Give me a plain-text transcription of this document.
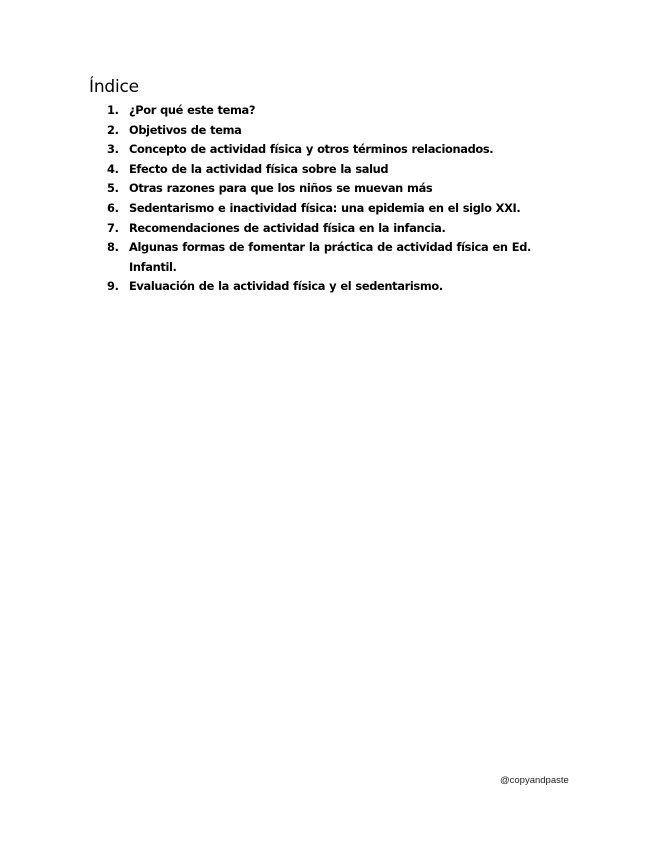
Índice
1. ¿Por qué este tema?
2. Objetivos de tema
3. Concepto de actividad física y otros términos relacionados.
4. Efecto de la actividad física sobre la salud
5. Otras razones para que los niños se muevan más
6. Sedentarismo e inactividad física: una epidemia en el siglo XXI.
7. Recomendaciones de actividad física en la infancia.
8. Algunas formas de fomentar la práctica de actividad física en Ed. Infantil.
9. Evaluación de la actividad física y el sedentarismo.
@copyandpaste
